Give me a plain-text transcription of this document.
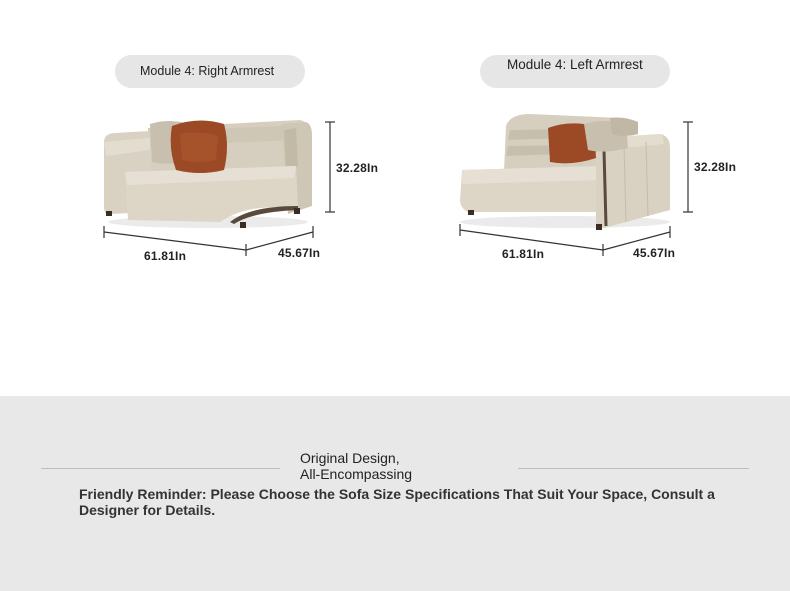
Module 4: Right Armrest	Module 4: Left Armrest
32.28In
61.81In	45.67In
32.28In
61.81In	45.67In
Original Design,
All-Encompassing
Friendly Reminder: Please Choose the Sofa Size Specifications That Suit Your Space, Consult a Designer for Details.
